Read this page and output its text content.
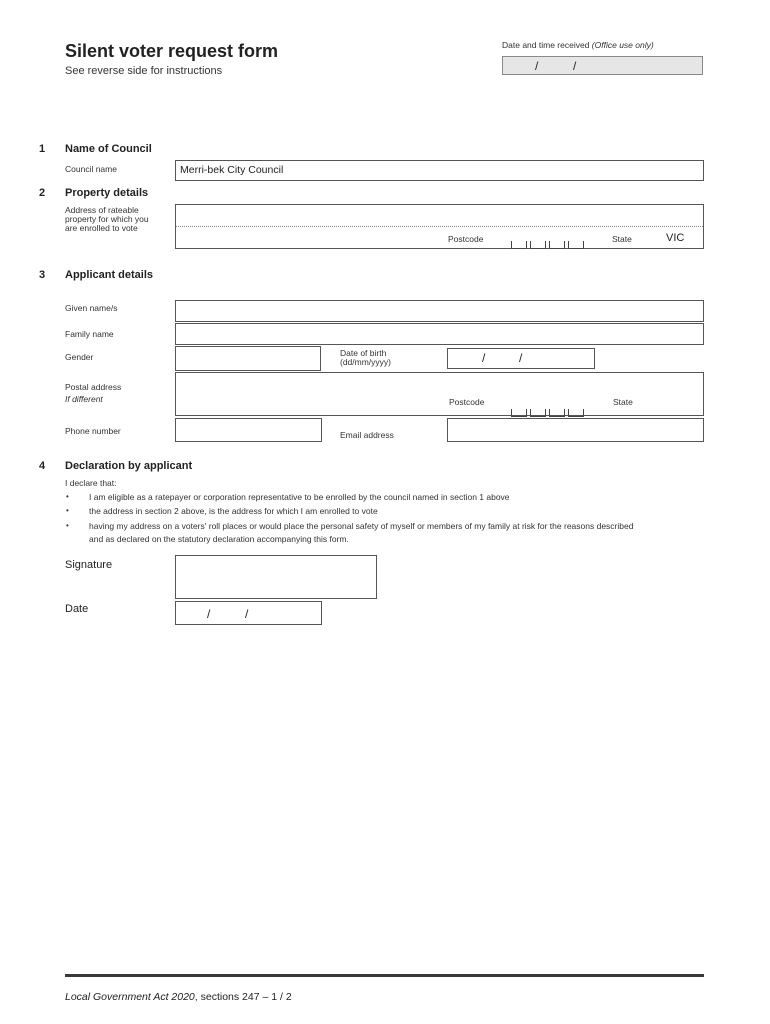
Silent voter request form
See reverse side for instructions
Date and time received (Office use only)
/	/
1 Name of Council
Council name	Merri-bek City Council
2 Property details
Address of rateable property for which you are enrolled to vote
Postcode	State	VIC
3 Applicant details
Given name/s
Family name
Gender	Date of birth
(dd/mm/yyyy)	/	/
Postal address
If different	Postcode	State
Phone number	Email address
4 Declaration by applicant
I declare that:
• I am eligible as a ratepayer or corporation representative to be enrolled by the council named in section 1 above
• the address in section 2 above, is the address for which I am enrolled to vote
• having my address on a voters' roll places or would place the personal safety of myself or members of my family at risk for the reasons described
and as declared on the statutory declaration accompanying this form.
Signature
Date	/	/
Local Government Act 2020, sections 247 – 1 / 2
